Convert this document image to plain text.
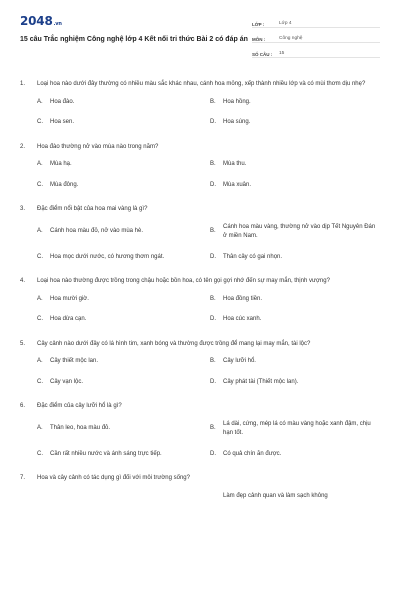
2048.vn
15 câu Trắc nghiệm Công nghệ lớp 4 Kết nối tri thức Bài 2 có đáp án
LỚP :	Lớp 4
MÔN :	Công nghệ
SỐ CÂU :	15
1.	Loại hoa nào dưới đây thường có nhiều màu sắc khác nhau, cánh hoa mỏng, xếp thành nhiều lớp và có mùi thơm dịu nhẹ?
A.	Hoa đào.	B.	Hoa hồng.
C.	Hoa sen.	D.	Hoa súng.
2.	Hoa đào thường nở vào mùa nào trong năm?
A.	Mùa hạ.	B.	Mùa thu.
C.	Mùa đông.	D.	Mùa xuân.
3.	Đặc điểm nổi bật của hoa mai vàng là gì?
A.	Cánh hoa màu đỏ, nở vào mùa hè.	B.
Cánh hoa màu vàng, thường nở vào dịp Tết Nguyên Đán ở miền Nam.
C.	Hoa mọc dưới nước, có hương thơm ngát.	D.	Thân cây có gai nhọn.
4.	Loại hoa nào thường được trồng trong chậu hoặc bồn hoa, có tên gọi gợi nhớ đến sự may mắn, thịnh vượng?
A.	Hoa mười giờ.	B.	Hoa đồng tiền.
C.	Hoa dừa cạn.	D.	Hoa cúc xanh.
5.	Cây cảnh nào dưới đây có lá hình tim, xanh bóng và thường được trồng để mang lại may mắn, tài lộc?
A.	Cây thiết mộc lan.	B.	Cây lưỡi hổ.
C.	Cây vạn lộc.	D.	Cây phát tài (Thiết mộc lan).
6.	Đặc điểm của cây lưỡi hổ là gì?
A.	Thân leo, hoa màu đỏ.	B.
Lá dài, cứng, mép lá có màu vàng hoặc xanh đậm, chịu hạn tốt.
C.	Cần rất nhiều nước và ánh sáng trực tiếp.	D.	Có quả chín ăn được.
7.	Hoa và cây cảnh có tác dụng gì đối với môi trường sống?
Làm đẹp cảnh quan và làm sạch không
